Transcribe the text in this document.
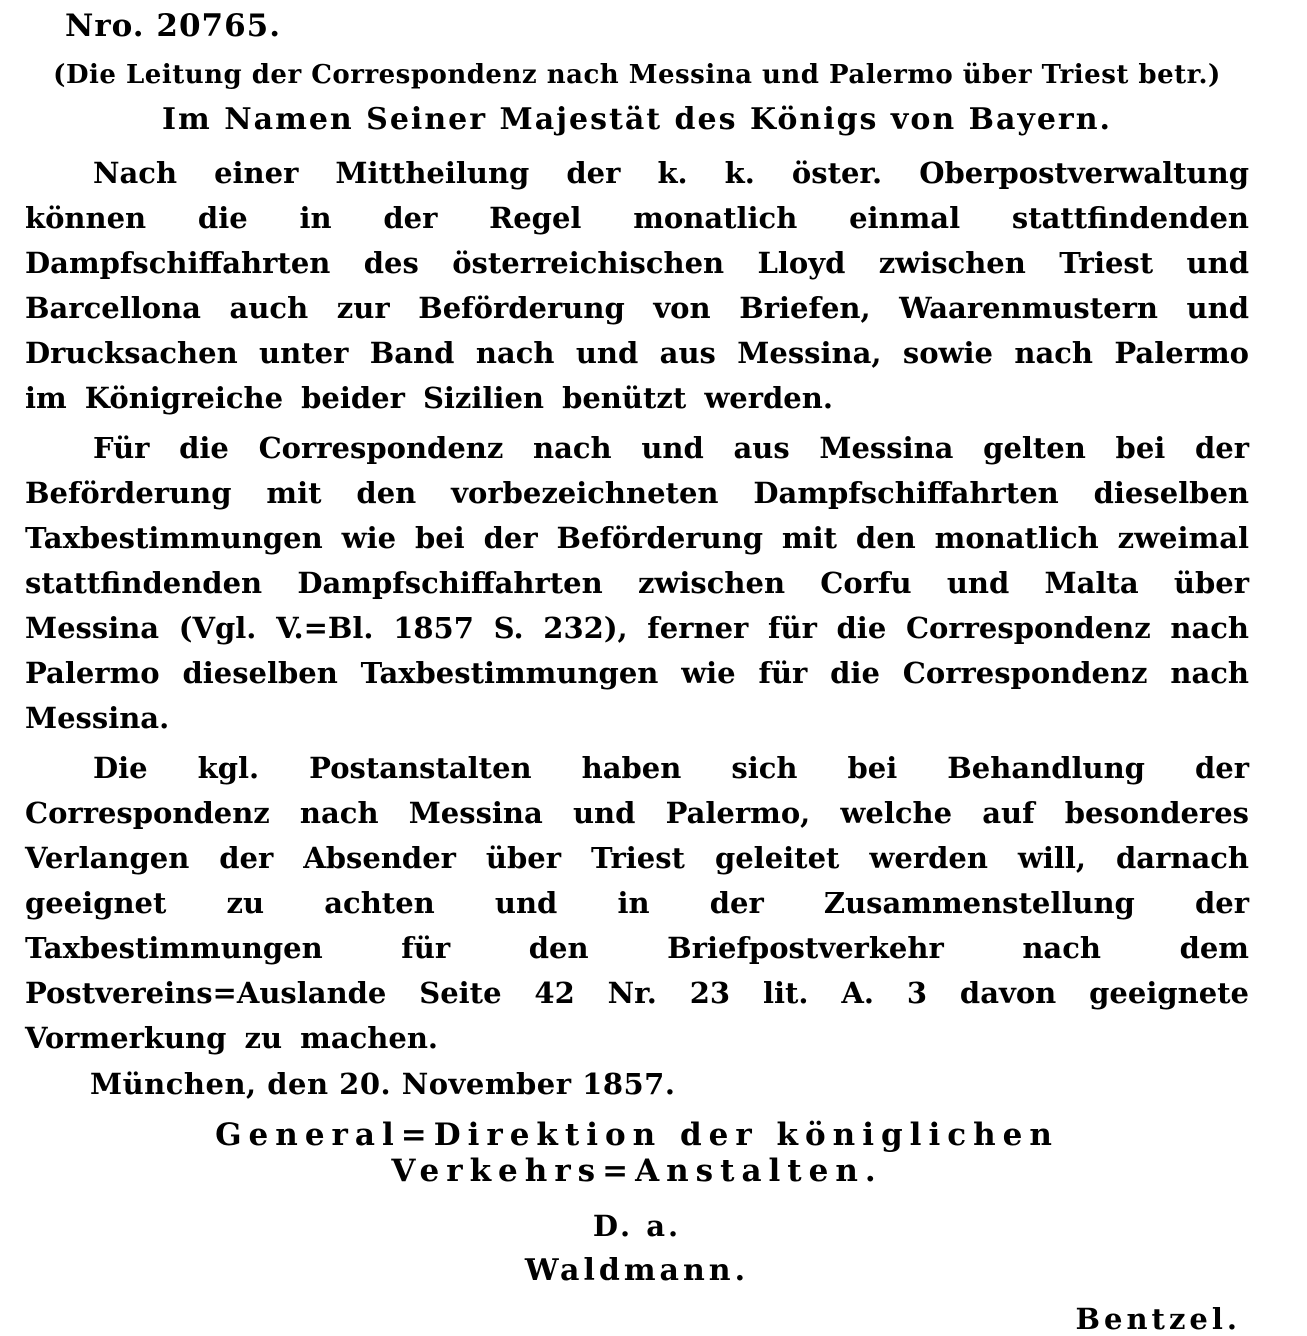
Nro. 20765.
(Die Leitung der Correspondenz nach Messina und Palermo über Triest betr.)
Im Namen Seiner Majestät des Königs von Bayern.

Nach einer Mittheilung der k. k. öster. Oberpostverwaltung können die in der Regel monatlich einmal stattfindenden Dampfschiffahrten des österreichischen Lloyd zwischen Triest und Barcellona auch zur Beförderung von Briefen, Waarenmustern und Drucksachen unter Band nach und aus Messina, sowie nach Palermo im Königreiche beider Sizilien benützt werden.

Für die Correspondenz nach und aus Messina gelten bei der Beförderung mit den vorbezeichneten Dampfschiffahrten dieselben Taxbestimmungen wie bei der Beförderung mit den monatlich zweimal stattfindenden Dampfschiffahrten zwischen Corfu und Malta über Messina (Vgl. V.=Bl. 1857 S. 232), ferner für die Correspondenz nach Palermo dieselben Taxbestimmungen wie für die Correspondenz nach Messina.

Die kgl. Postanstalten haben sich bei Behandlung der Correspondenz nach Messina und Palermo, welche auf besonderes Verlangen der Absender über Triest geleitet werden will, darnach geeignet zu achten und in der Zusammenstellung der Taxbestimmungen für den Briefpostverkehr nach dem Postvereins=Auslande Seite 42 Nr. 23 lit. A. 3 davon geeignete Vormerkung zu machen.

München, den 20. November 1857.
General=Direktion der königlichen Verkehrs=Anstalten.
D. a.
Waldmann.
Bentzel.
